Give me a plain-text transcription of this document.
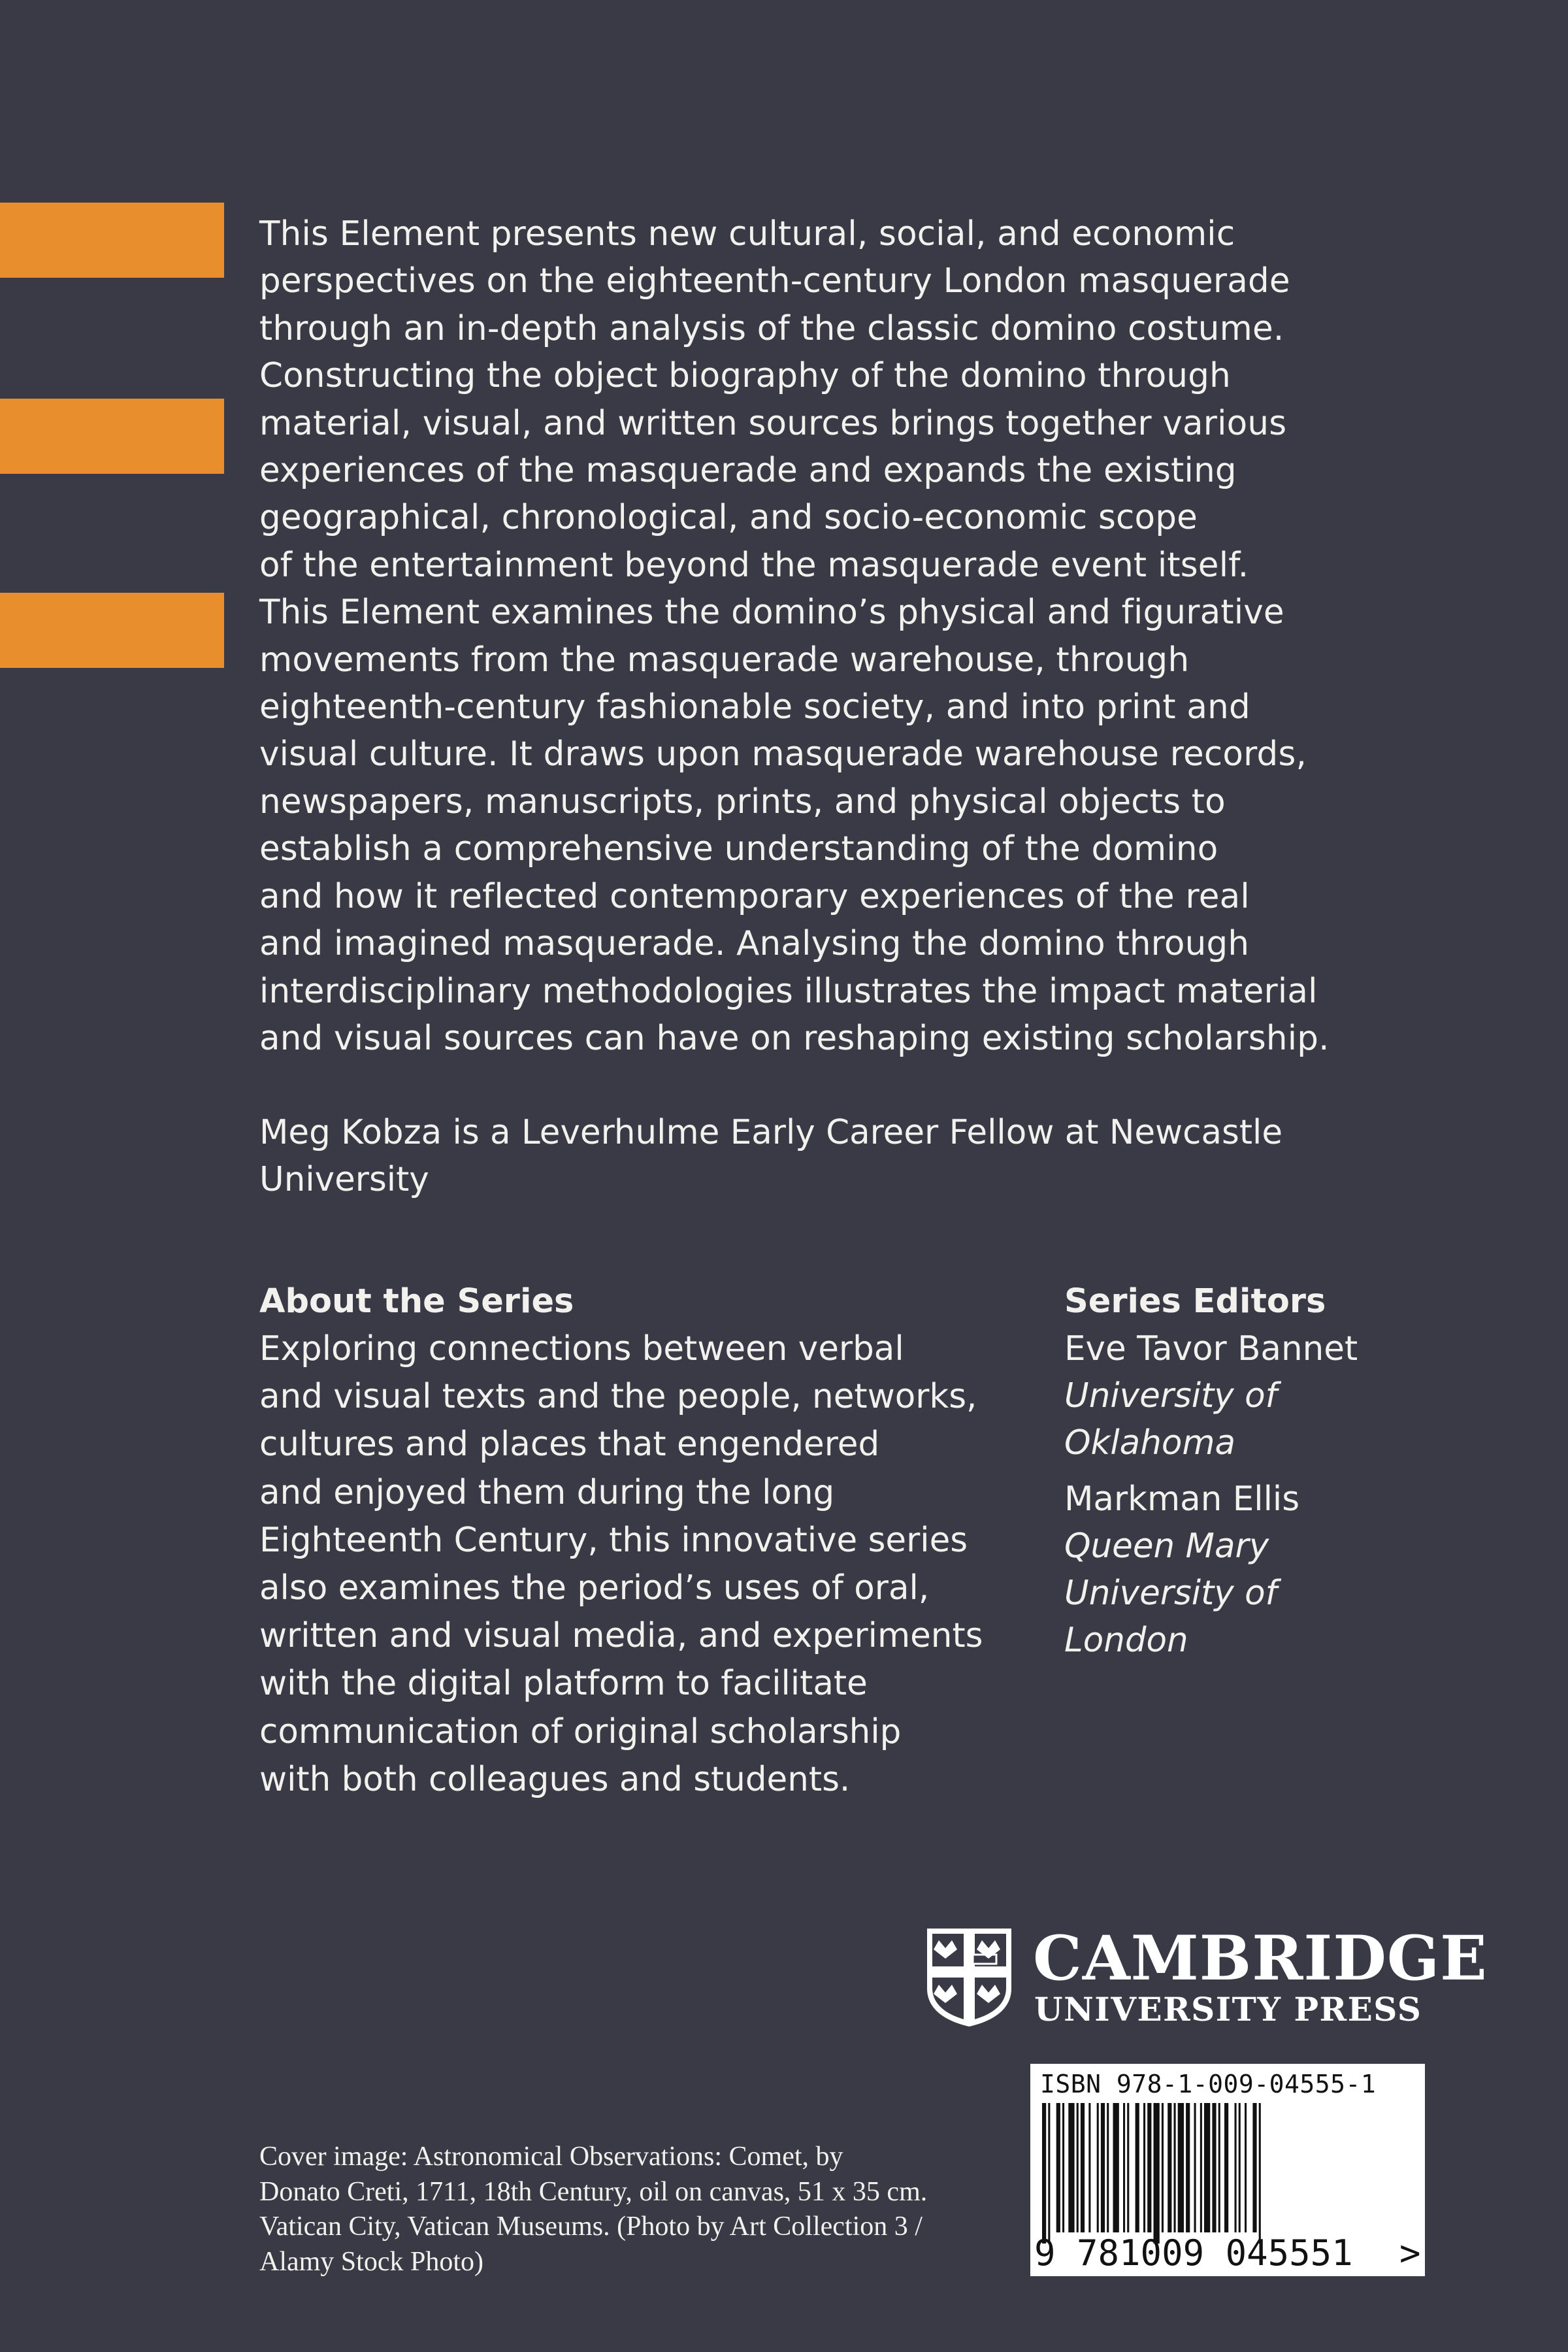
This Element presents new cultural, social, and economic
perspectives on the eighteenth-century London masquerade
through an in-depth analysis of the classic domino costume.
Constructing the object biography of the domino through
material, visual, and written sources brings together various
experiences of the masquerade and expands the existing
geographical, chronological, and socio-economic scope
of the entertainment beyond the masquerade event itself.
This Element examines the domino’s physical and figurative
movements from the masquerade warehouse, through
eighteenth-century fashionable society, and into print and
visual culture. It draws upon masquerade warehouse records,
newspapers, manuscripts, prints, and physical objects to
establish a comprehensive understanding of the domino
and how it reflected contemporary experiences of the real
and imagined masquerade. Analysing the domino through
interdisciplinary methodologies illustrates the impact material
and visual sources can have on reshaping existing scholarship.

Meg Kobza is a Leverhulme Early Career Fellow at Newcastle
University

About the Series

Exploring connections between verbal
and visual texts and the people, networks,
cultures and places that engendered
and enjoyed them during the long
Eighteenth Century, this innovative series
also examines the period’s uses of oral,
written and visual media, and experiments
with the digital platform to facilitate
communication of original scholarship
with both colleagues and students.

Series Editors

Eve Tavor Bannet

University of
Oklahoma

Markman Ellis

Queen Mary
University of
London

CAMBRIDGE

UNIVERSITY PRESS

Cover image: Astronomical Observations: Comet, by
Donato Creti, 1711, 18th Century, oil on canvas, 51 x 35 cm.
Vatican City, Vatican Museums. (Photo by Art Collection 3 /
Alamy Stock Photo)

ISBN 978-1-009-04555-1

9 781009 045551 >
